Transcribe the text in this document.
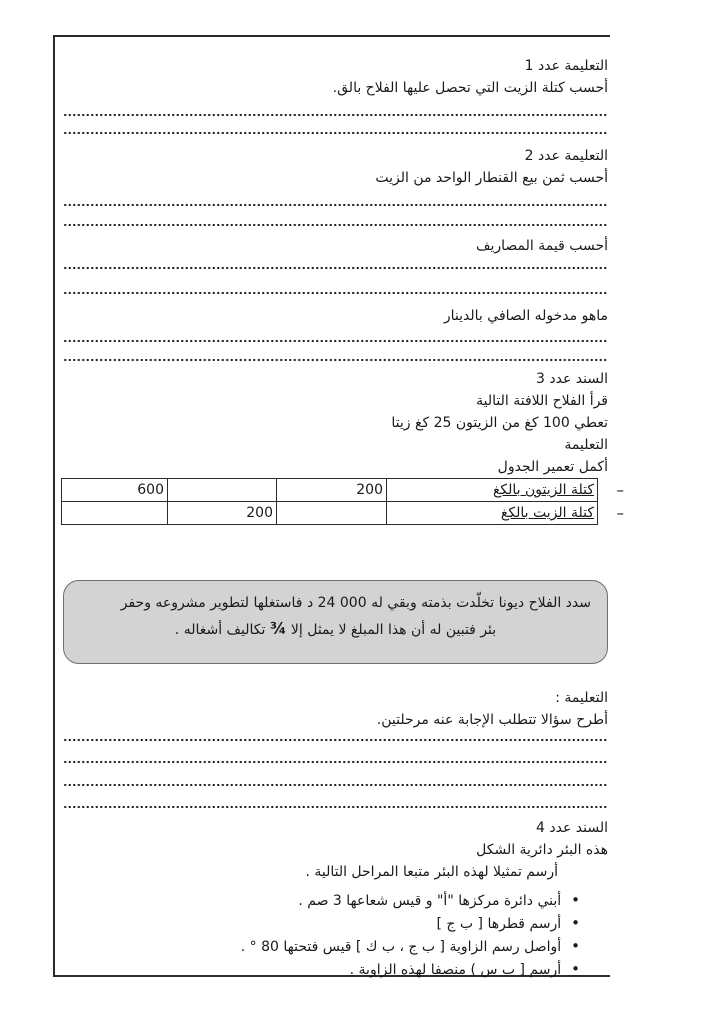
التعليمة عدد 1
أحسب كتلة الزيت التي تحصل عليها الفلاح بالق.
التعليمة عدد 2
أحسب ثمن بيع القنطار الواحد من الزيت
أحسب قيمة المصاريف
ماهو مدخوله الصافي بالدينار
السند عدد 3
قرأ الفلاح اللافتة التالية
تعطي 100 كغ من الزيتون 25 كغ زيتا
التعليمة
أكمل تعمير الجدول
–
–
كتلة الزيتون بالكغ	200		600
كتلة الزيت بالكغ		200	
سدد الفلاح ديونا تخلّدت بذمته وبقي له 24 000 د فاستغلها لتطوير مشروعه وحفر
بئر فتبين له أن هذا المبلغ لا يمثل إلا ¾ تكاليف أشغاله .
التعليمة :
أطرح سؤالا تتطلب الإجابة عنه مرحلتين.
السند عدد 4
هذه البئر دائرية الشكل
أرسم تمثيلا لهذه البئر متبعا المراحل التالية .
•أبني دائرة مركزها "أ" و قيس شعاعها 3 صم .
•أرسم قطرها [ ب ج ]
•أواصل رسم الزاوية [ ب ج ، ب ك ] قيس فتحتها 80 ° .
•أرسم [ ب س ) منصفا لهذه الزاوية .
